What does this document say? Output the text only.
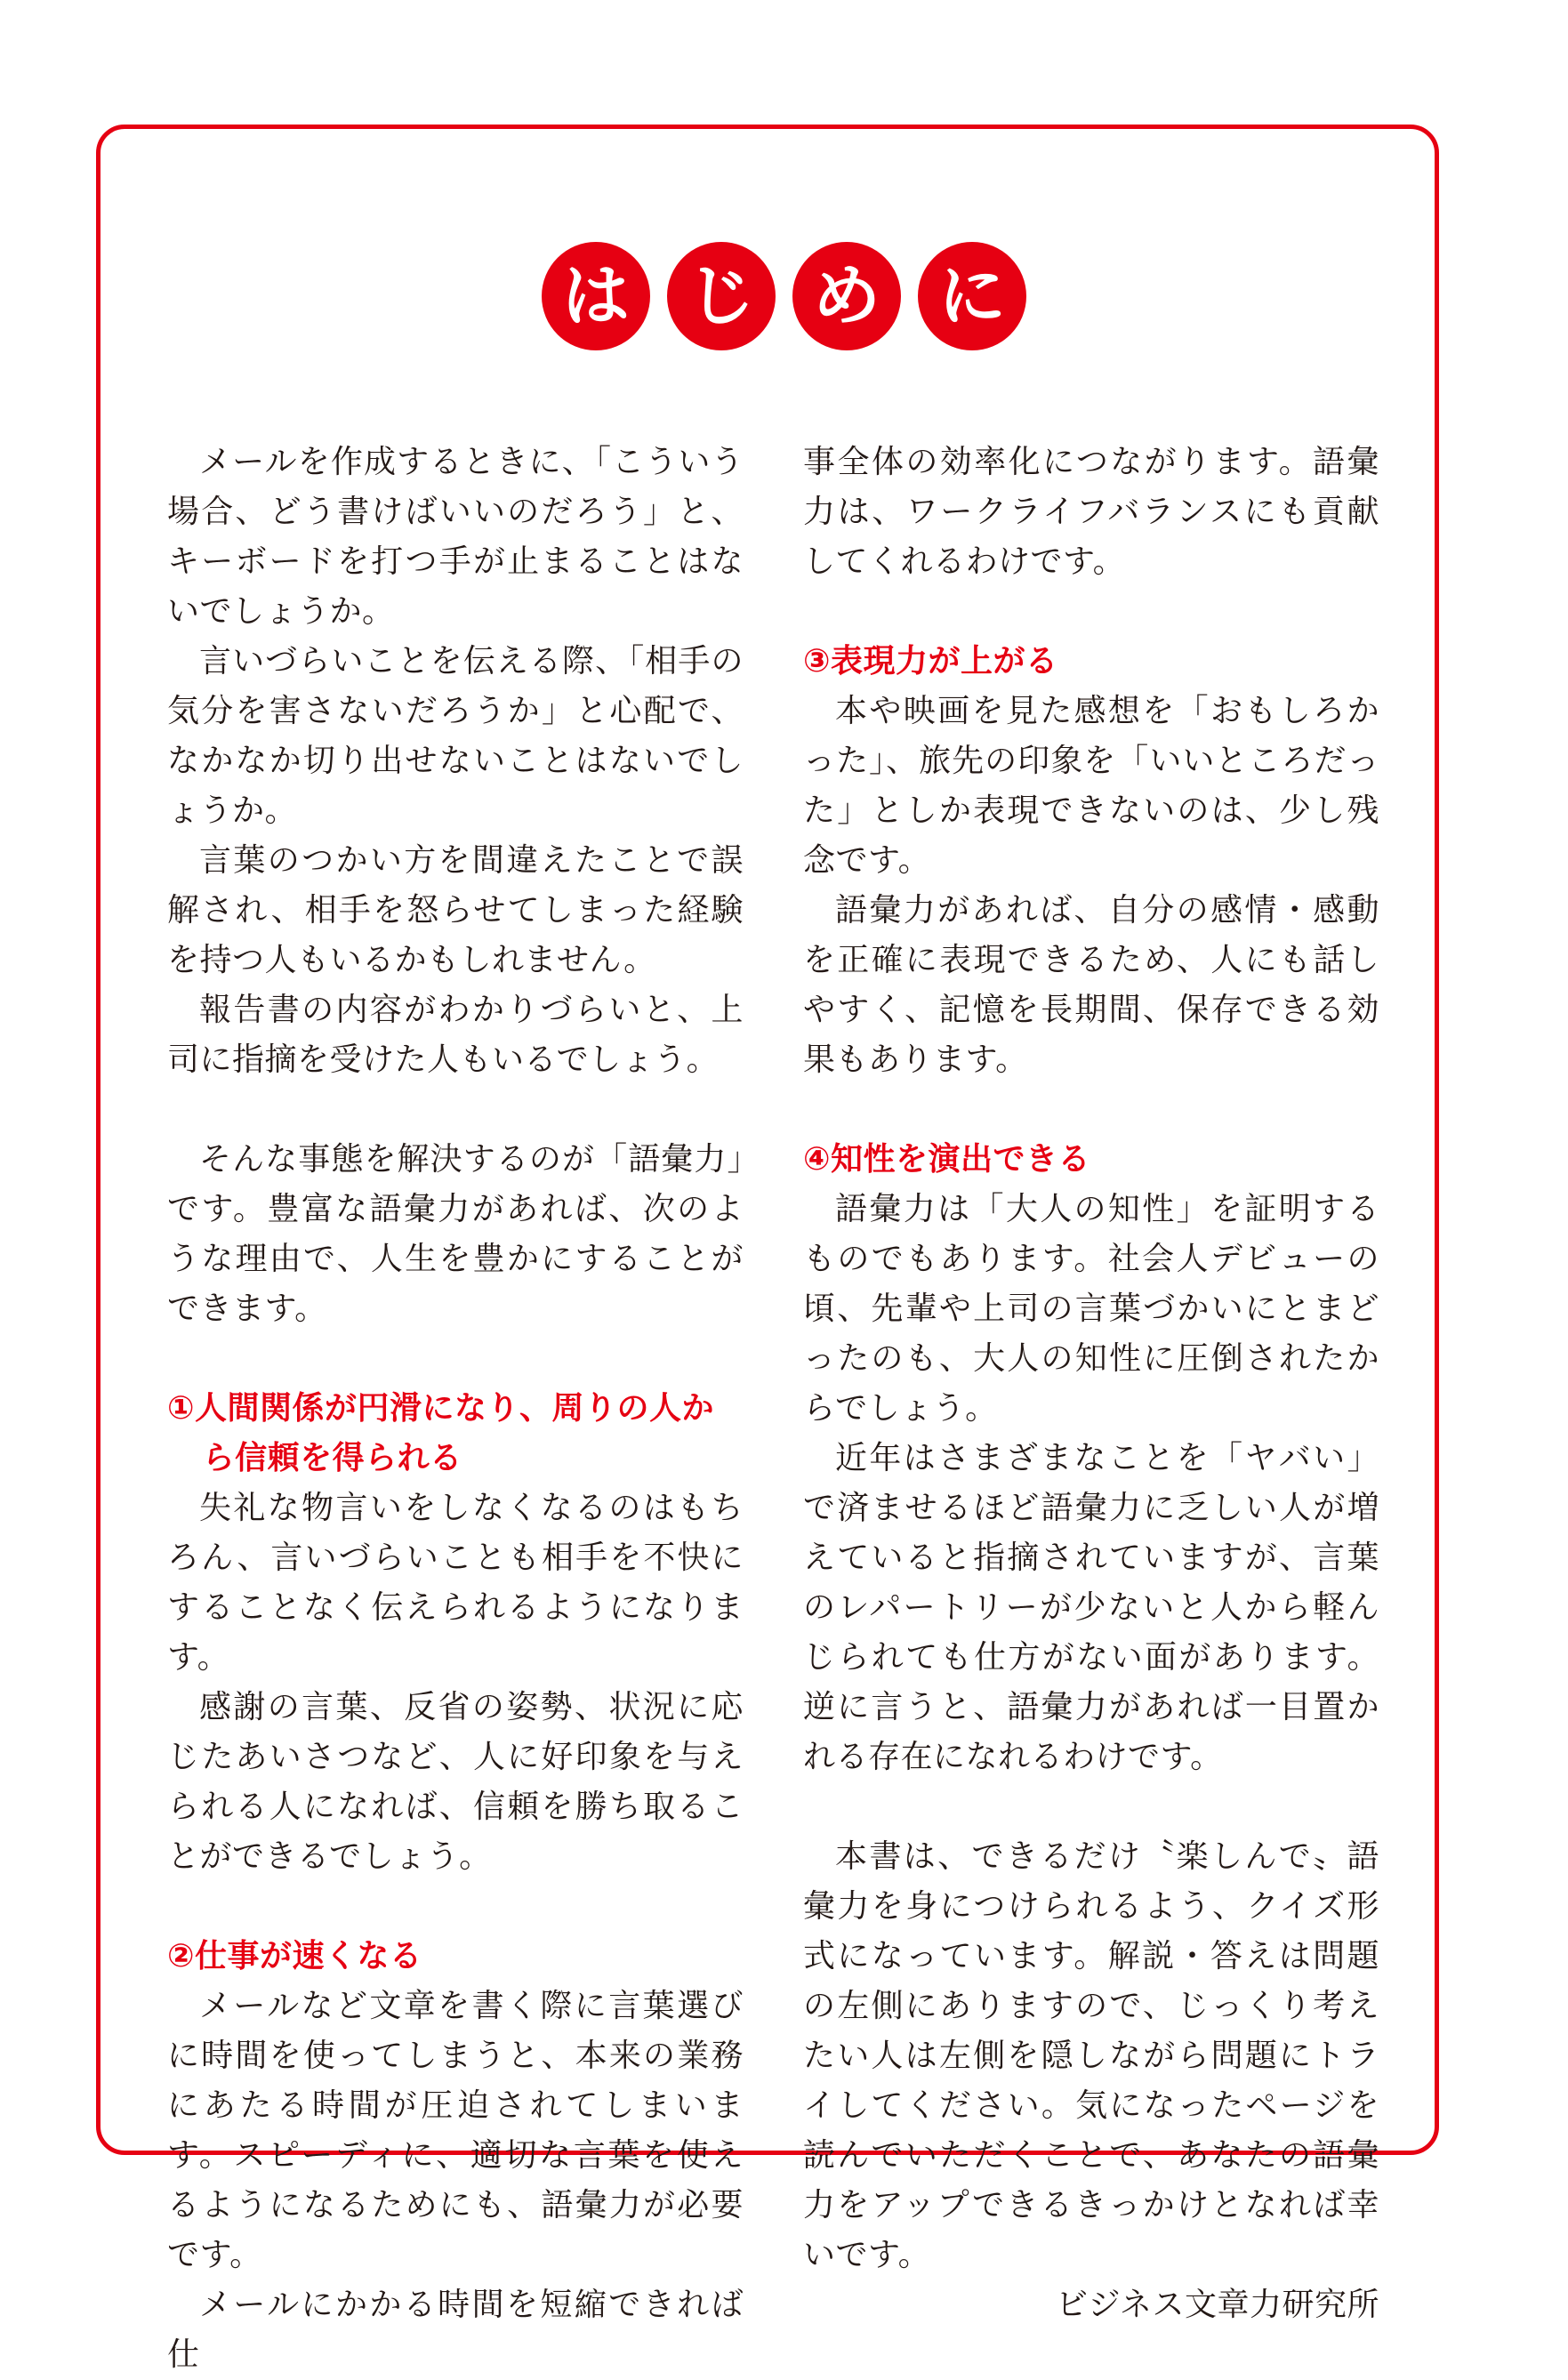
は じ め に

メールを作成するときに、「こういう場合、どう書けばいいのだろう」と、キーボードを打つ手が止まることはないでしょうか。

言いづらいことを伝える際、「相手の気分を害さないだろうか」と心配で、なかなか切り出せないことはないでしょうか。

言葉のつかい方を間違えたことで誤解され、相手を怒らせてしまった経験を持つ人もいるかもしれません。

報告書の内容がわかりづらいと、上司に指摘を受けた人もいるでしょう。

そんな事態を解決するのが「語彙力」です。豊富な語彙力があれば、次のような理由で、人生を豊かにすることができます。

①人間関係が円滑になり、周りの人から信頼を得られる

失礼な物言いをしなくなるのはもちろん、言いづらいことも相手を不快にすることなく伝えられるようになります。

感謝の言葉、反省の姿勢、状況に応じたあいさつなど、人に好印象を与えられる人になれば、信頼を勝ち取ることができるでしょう。

②仕事が速くなる

メールなど文章を書く際に言葉選びに時間を使ってしまうと、本来の業務にあたる時間が圧迫されてしまいます。スピーディに、適切な言葉を使えるようになるためにも、語彙力が必要です。

メールにかかる時間を短縮できれば仕

事全体の効率化につながります。語彙力は、ワークライフバランスにも貢献してくれるわけです。

③表現力が上がる

本や映画を見た感想を「おもしろかった」、旅先の印象を「いいところだった」としか表現できないのは、少し残念です。

語彙力があれば、自分の感情・感動を正確に表現できるため、人にも話しやすく、記憶を長期間、保存できる効果もあります。

④知性を演出できる

語彙力は「大人の知性」を証明するものでもあります。社会人デビューの頃、先輩や上司の言葉づかいにとまどったのも、大人の知性に圧倒されたからでしょう。

近年はさまざまなことを「ヤバい」で済ませるほど語彙力に乏しい人が増えていると指摘されていますが、言葉のレパートリーが少ないと人から軽んじられても仕方がない面があります。逆に言うと、語彙力があれば一目置かれる存在になれるわけです。

本書は、できるだけ〝楽しんで〟語彙力を身につけられるよう、クイズ形式になっています。解説・答えは問題の左側にありますので、じっくり考えたい人は左側を隠しながら問題にトライしてください。気になったページを読んでいただくことで、あなたの語彙力をアップできるきっかけとなれば幸いです。

ビジネス文章力研究所
